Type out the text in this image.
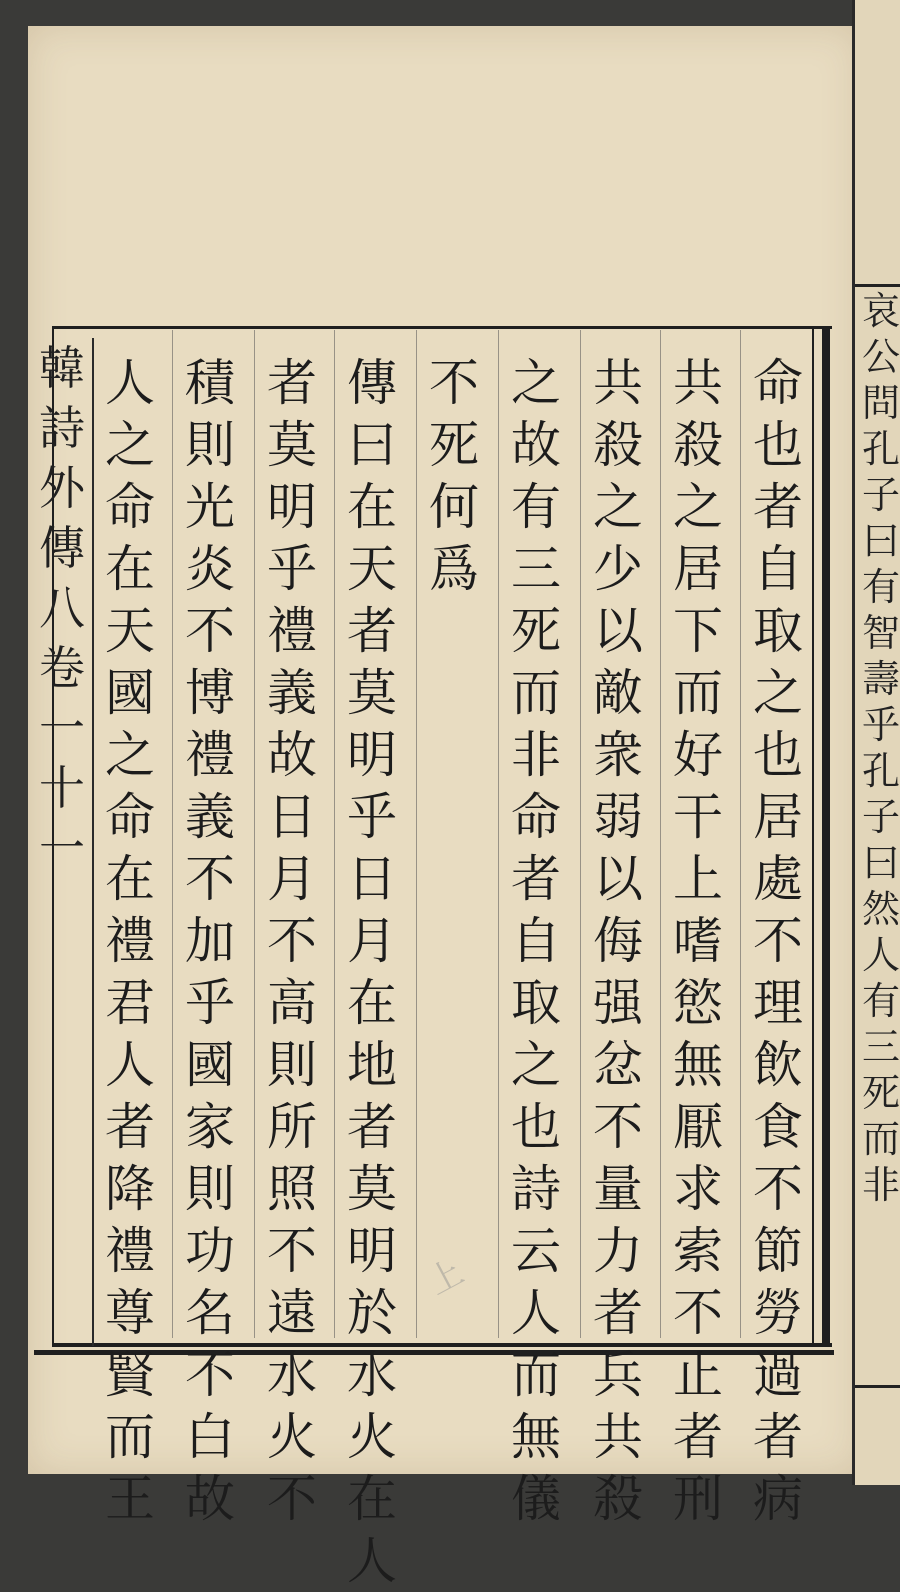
韓詩外傳
八卷一
十一
命也者自取之也居處不理飲食不節勞過者病
共殺之居下而好干上嗜慾無厭求索不止者刑
共殺之少以敵衆弱以侮强忿不量力者兵共殺
之故有三死而非命者自取之也詩云人而無儀
不死何爲
傳曰在天者莫明乎日月在地者莫明於水火在人
者莫明乎禮義故日月不高則所照不遠水火不
積則光炎不博禮義不加乎國家則功名不白故
人之命在天國之命在禮君人者降禮尊賢而王
上
哀公問孔子曰有智壽乎孔子曰然人有三死而非
